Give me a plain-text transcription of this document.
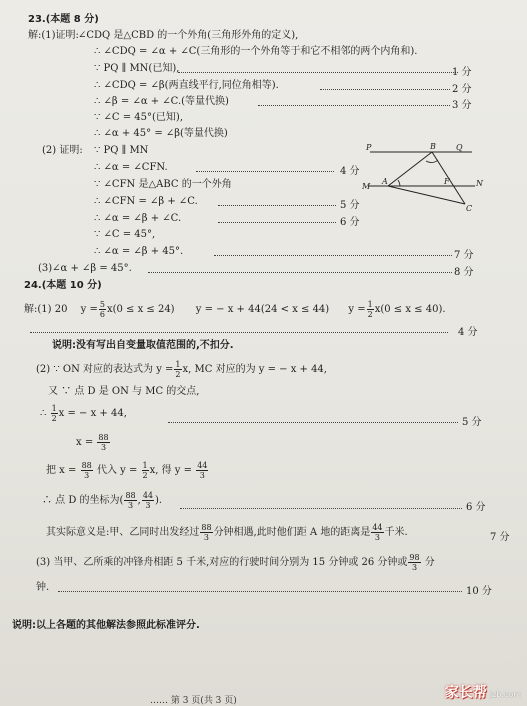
23.(本题 8 分)
解:(1)证明: ∠CDQ 是△CBD 的一个外角(三角形外角的定义),
∴ ∠CDQ = ∠α + ∠C(三角形的一个外角等于和它不相邻的两个内角和).
∵ PQ ∥ MN(已知),	1 分
∴ ∠CDQ = ∠β(两直线平行,同位角相等).	2 分
∴ ∠β = ∠α + ∠C.(等量代换)	3 分
∵ ∠C = 45°(已知),
∴ ∠α + 45° = ∠β(等量代换)
(2) 证明: ∵ PQ ∥ MN
∴ ∠α = ∠CFN.	4 分
∵ ∠CFN 是△ABC 的一个外角
∴ ∠CFN = ∠β + ∠C.	5 分
∴ ∠α = ∠β + ∠C.	6 分
∵ ∠C = 45°,
∴ ∠α = ∠β + 45°.	7 分
(3)∠α + ∠β = 45°.	8 分
P	B	Q
M
A	F	N
C
24.(本题 10 分)
解:(1) 20 $y = \frac{5}{6} x(0 \le x \le 24) y$ = − x + 44(24 < x ≤ 44) $y = \frac{1}{2} x(0 \le x \le 40)$.
4 分
说明:没有写出自变量取值范围的,不扣分.
(2) ∵ ON 对应的表达式为 $y = \frac{1}{2} x$, MC 对应的为 y = − x + 44,
又 ∵ 点 D 是 ON 与 MC 的交点,
∴ $\frac{1}{2}$ x = − x + 44,
5 分
$x = \frac{88}{3}$
把 $x = \frac{88}{3}$ 代入 $y = \frac{1}{2} x$, 得 $y = \frac{44}{3}$
∴ 点 D 的坐标为( $\frac{88}{3}$ , $\frac{44}{3}$ ).
6 分
其实际意义是:甲、乙同时出发经过 $\frac{88}{3}$ 分钟相遇,此时他们距 A 地的距离是 $\frac{44}{3}$ 千米.	7 分
(3) 当甲、乙所乘的冲锋舟相距 5 千米,对应的行驶时间分别为 15 分钟或 26 分钟或 $\frac{98}{3}$ 分
钟.	10 分
说明:以上各题的其他解法参照此标准评分.
…… 第 3 页(共 3 页)	家长帮 jzb.com
